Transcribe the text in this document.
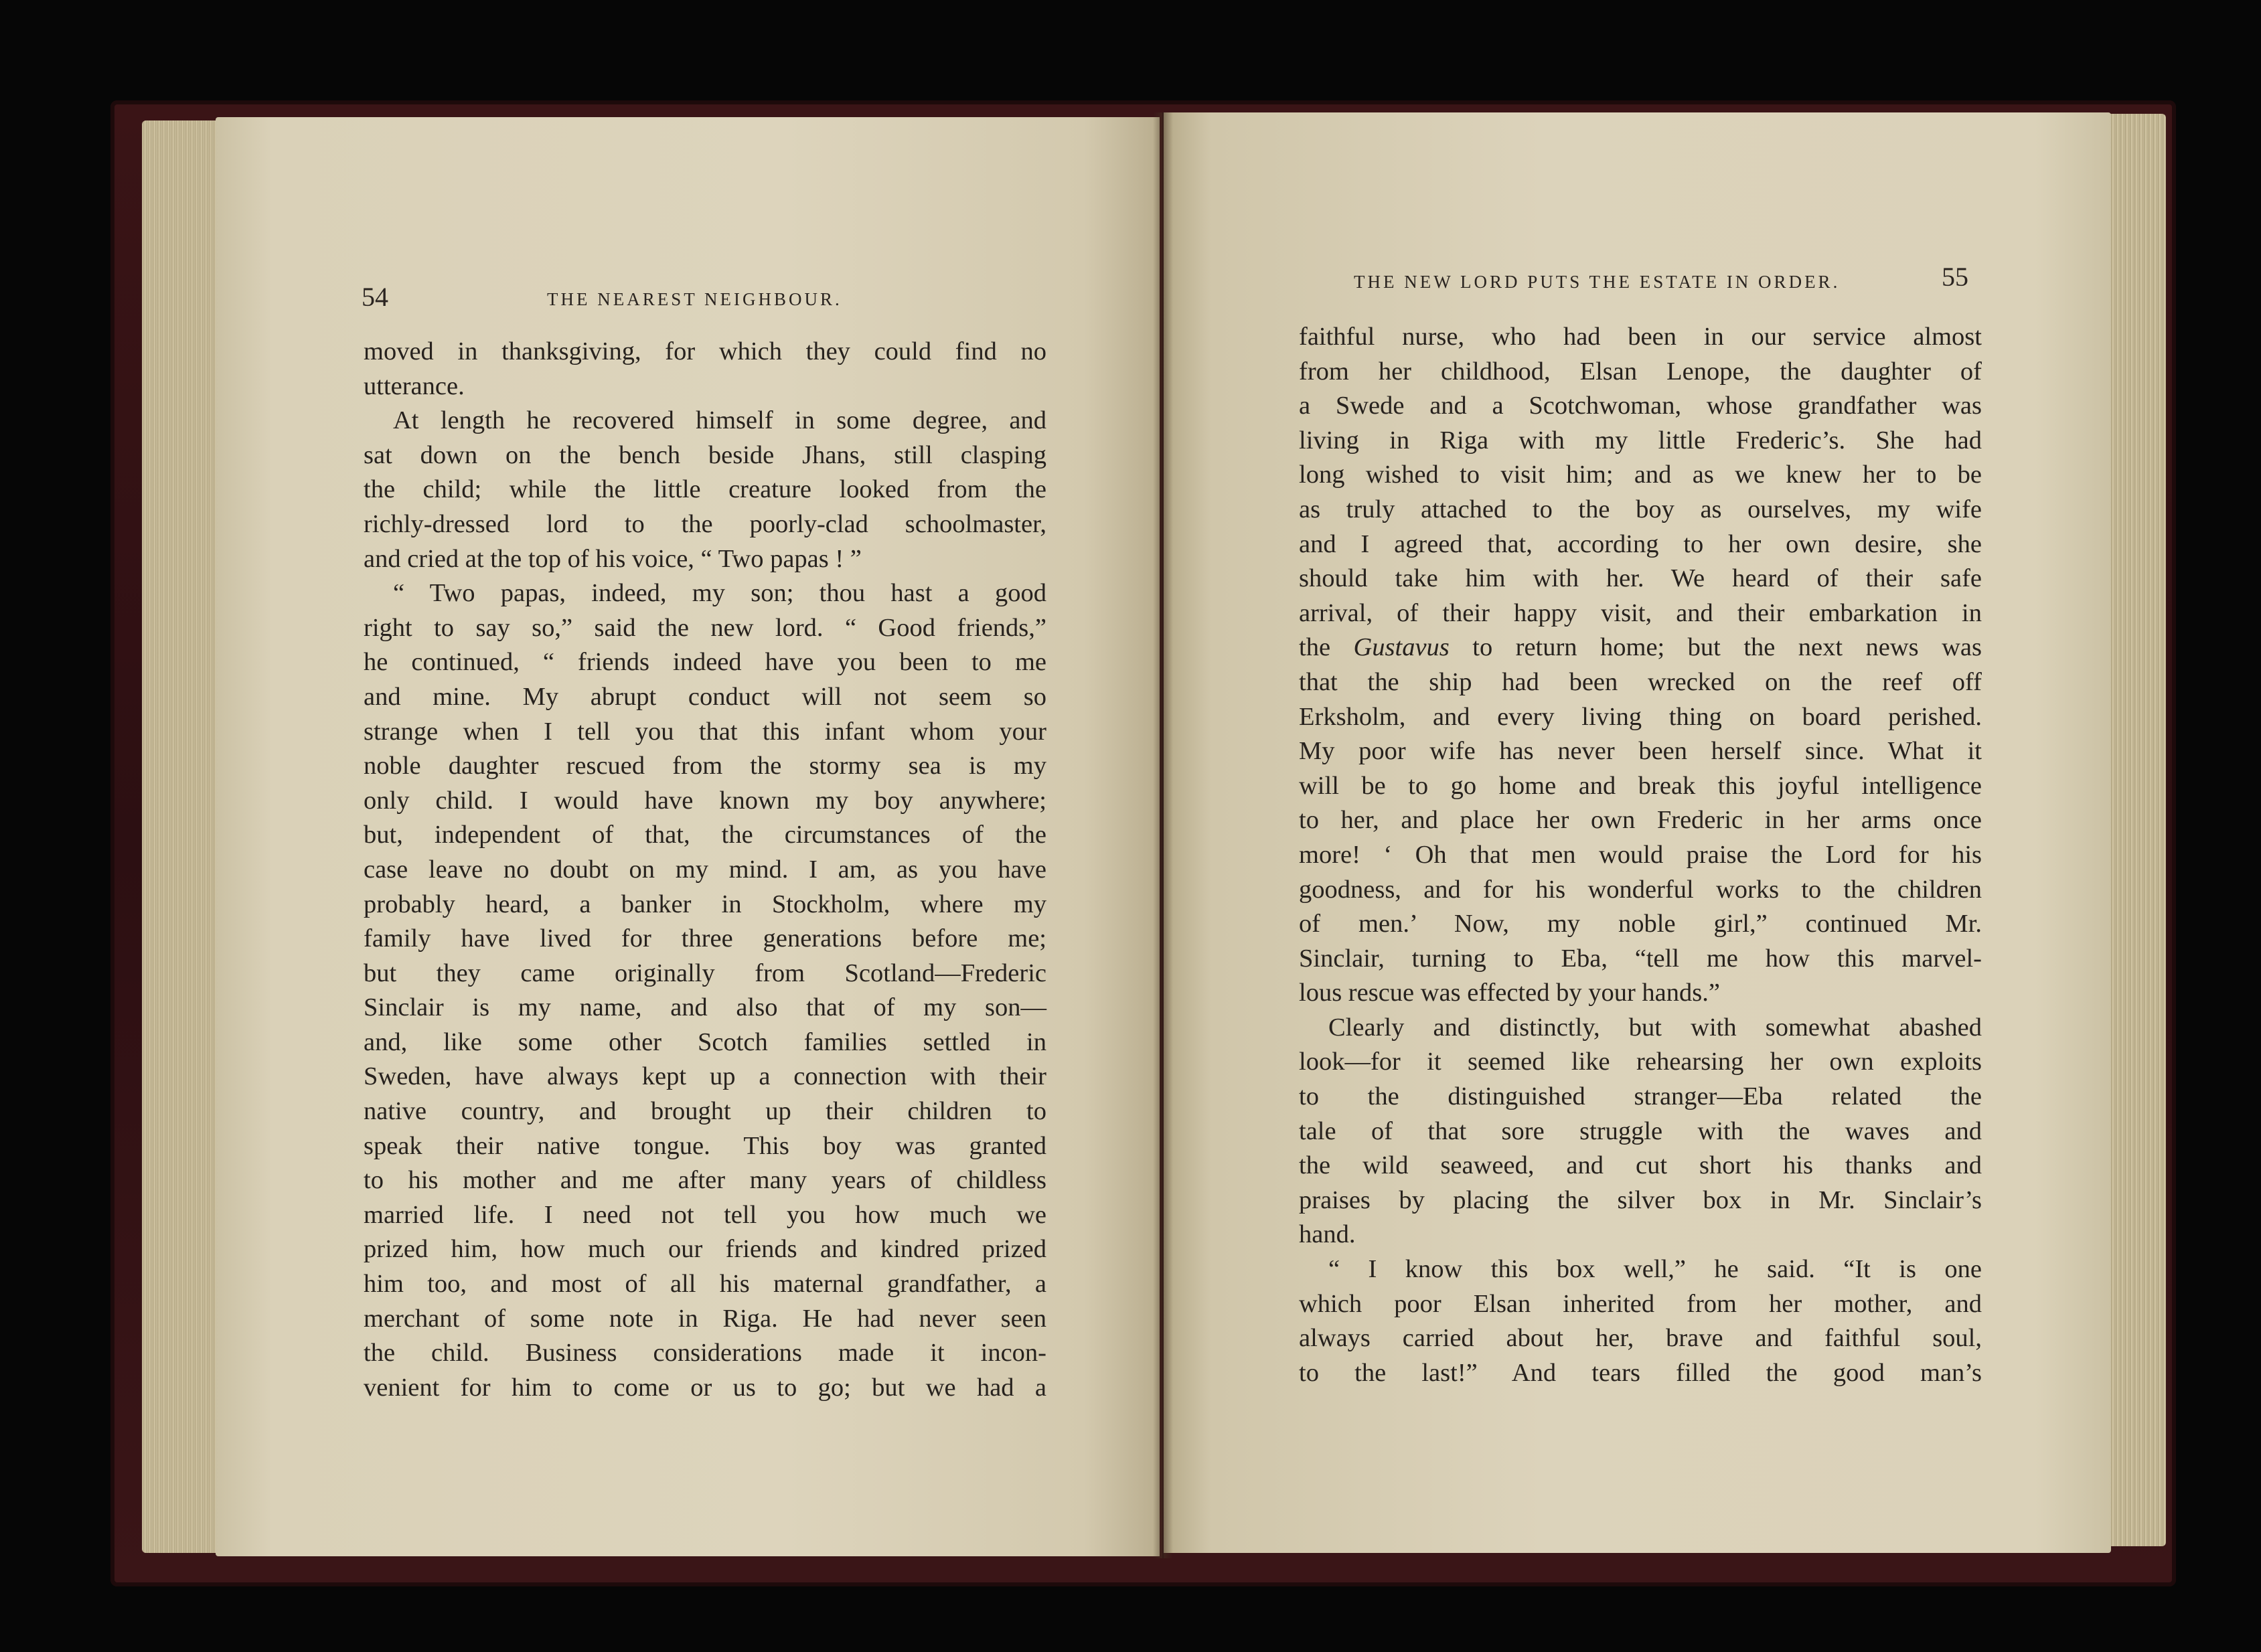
54	THE NEAREST NEIGHBOUR.
THE NEW LORD PUTS THE ESTATE IN ORDER.	55
moved in thanksgiving, for which they could find no
utterance.
At length he recovered himself in some degree, and
sat down on the bench beside Jhans, still clasping
the child; while the little creature looked from the
richly-dressed lord to the poorly-clad schoolmaster,
and cried at the top of his voice, “ Two papas ! ”
“ Two papas, indeed, my son; thou hast a good
right to say so,” said the new lord. “ Good friends,”
he continued, “ friends indeed have you been to me
and mine. My abrupt conduct will not seem so
strange when I tell you that this infant whom your
noble daughter rescued from the stormy sea is my
only child. I would have known my boy anywhere;
but, independent of that, the circumstances of the
case leave no doubt on my mind. I am, as you have
probably heard, a banker in Stockholm, where my
family have lived for three generations before me;
but they came originally from Scotland—Frederic
Sinclair is my name, and also that of my son—
and, like some other Scotch families settled in
Sweden, have always kept up a connection with their
native country, and brought up their children to
speak their native tongue. This boy was granted
to his mother and me after many years of childless
married life. I need not tell you how much we
prized him, how much our friends and kindred prized
him too, and most of all his maternal grandfather, a
merchant of some note in Riga. He had never seen
the child. Business considerations made it incon-
venient for him to come or us to go; but we had a
faithful nurse, who had been in our service almost
from her childhood, Elsan Lenope, the daughter of
a Swede and a Scotchwoman, whose grandfather was
living in Riga with my little Frederic’s. She had
long wished to visit him; and as we knew her to be
as truly attached to the boy as ourselves, my wife
and I agreed that, according to her own desire, she
should take him with her. We heard of their safe
arrival, of their happy visit, and their embarkation in
the Gustavus to return home; but the next news was
that the ship had been wrecked on the reef off
Erksholm, and every living thing on board perished.
My poor wife has never been herself since. What it
will be to go home and break this joyful intelligence
to her, and place her own Frederic in her arms once
more! ‘ Oh that men would praise the Lord for his
goodness, and for his wonderful works to the children
of men.’ Now, my noble girl,” continued Mr.
Sinclair, turning to Eba, “tell me how this marvel-
lous rescue was effected by your hands.”
Clearly and distinctly, but with somewhat abashed
look—for it seemed like rehearsing her own exploits
to the distinguished stranger—Eba related the
tale of that sore struggle with the waves and
the wild seaweed, and cut short his thanks and
praises by placing the silver box in Mr. Sinclair’s
hand.
“ I know this box well,” he said. “It is one
which poor Elsan inherited from her mother, and
always carried about her, brave and faithful soul,
to the last!” And tears filled the good man’s
